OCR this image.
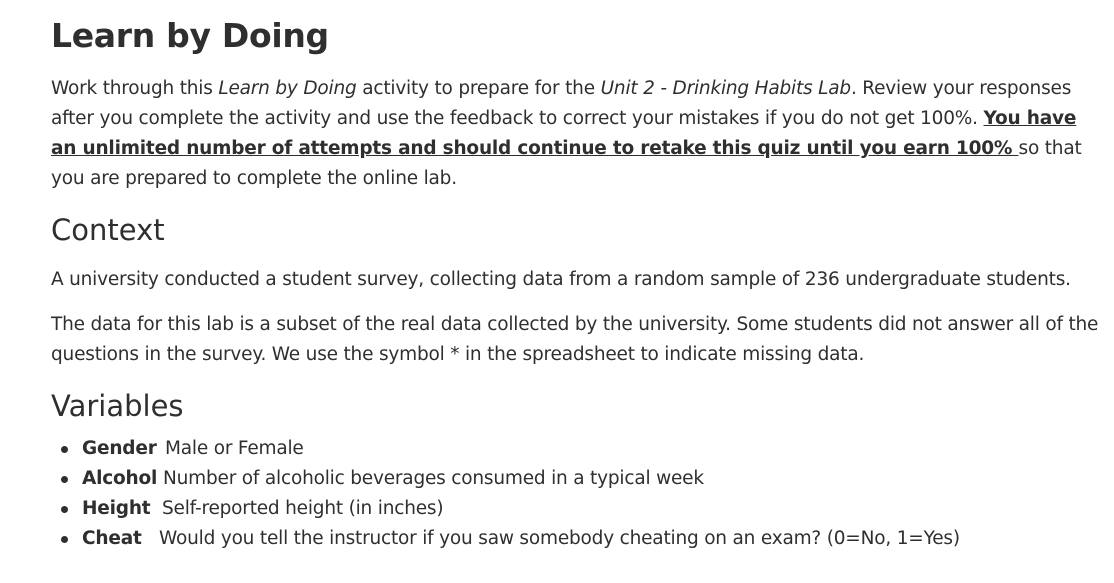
Learn by Doing

Work through this Learn by Doing activity to prepare for the Unit 2 - Drinking Habits Lab. Review your responses after you complete the activity and use the feedback to correct your mistakes if you do not get 100%. You have an unlimited number of attempts and should continue to retake this quiz until you earn 100% so that you are prepared to complete the online lab.

Context

A university conducted a student survey, collecting data from a random sample of 236 undergraduate students.

The data for this lab is a subset of the real data collected by the university. Some students did not answer all of the questions in the survey. We use the symbol * in the spreadsheet to indicate missing data.

Variables
Gender Male or Female
Alcohol Number of alcoholic beverages consumed in a typical week
Height Self-reported height (in inches)
Cheat Would you tell the instructor if you saw somebody cheating on an exam? (0=No, 1=Yes)
